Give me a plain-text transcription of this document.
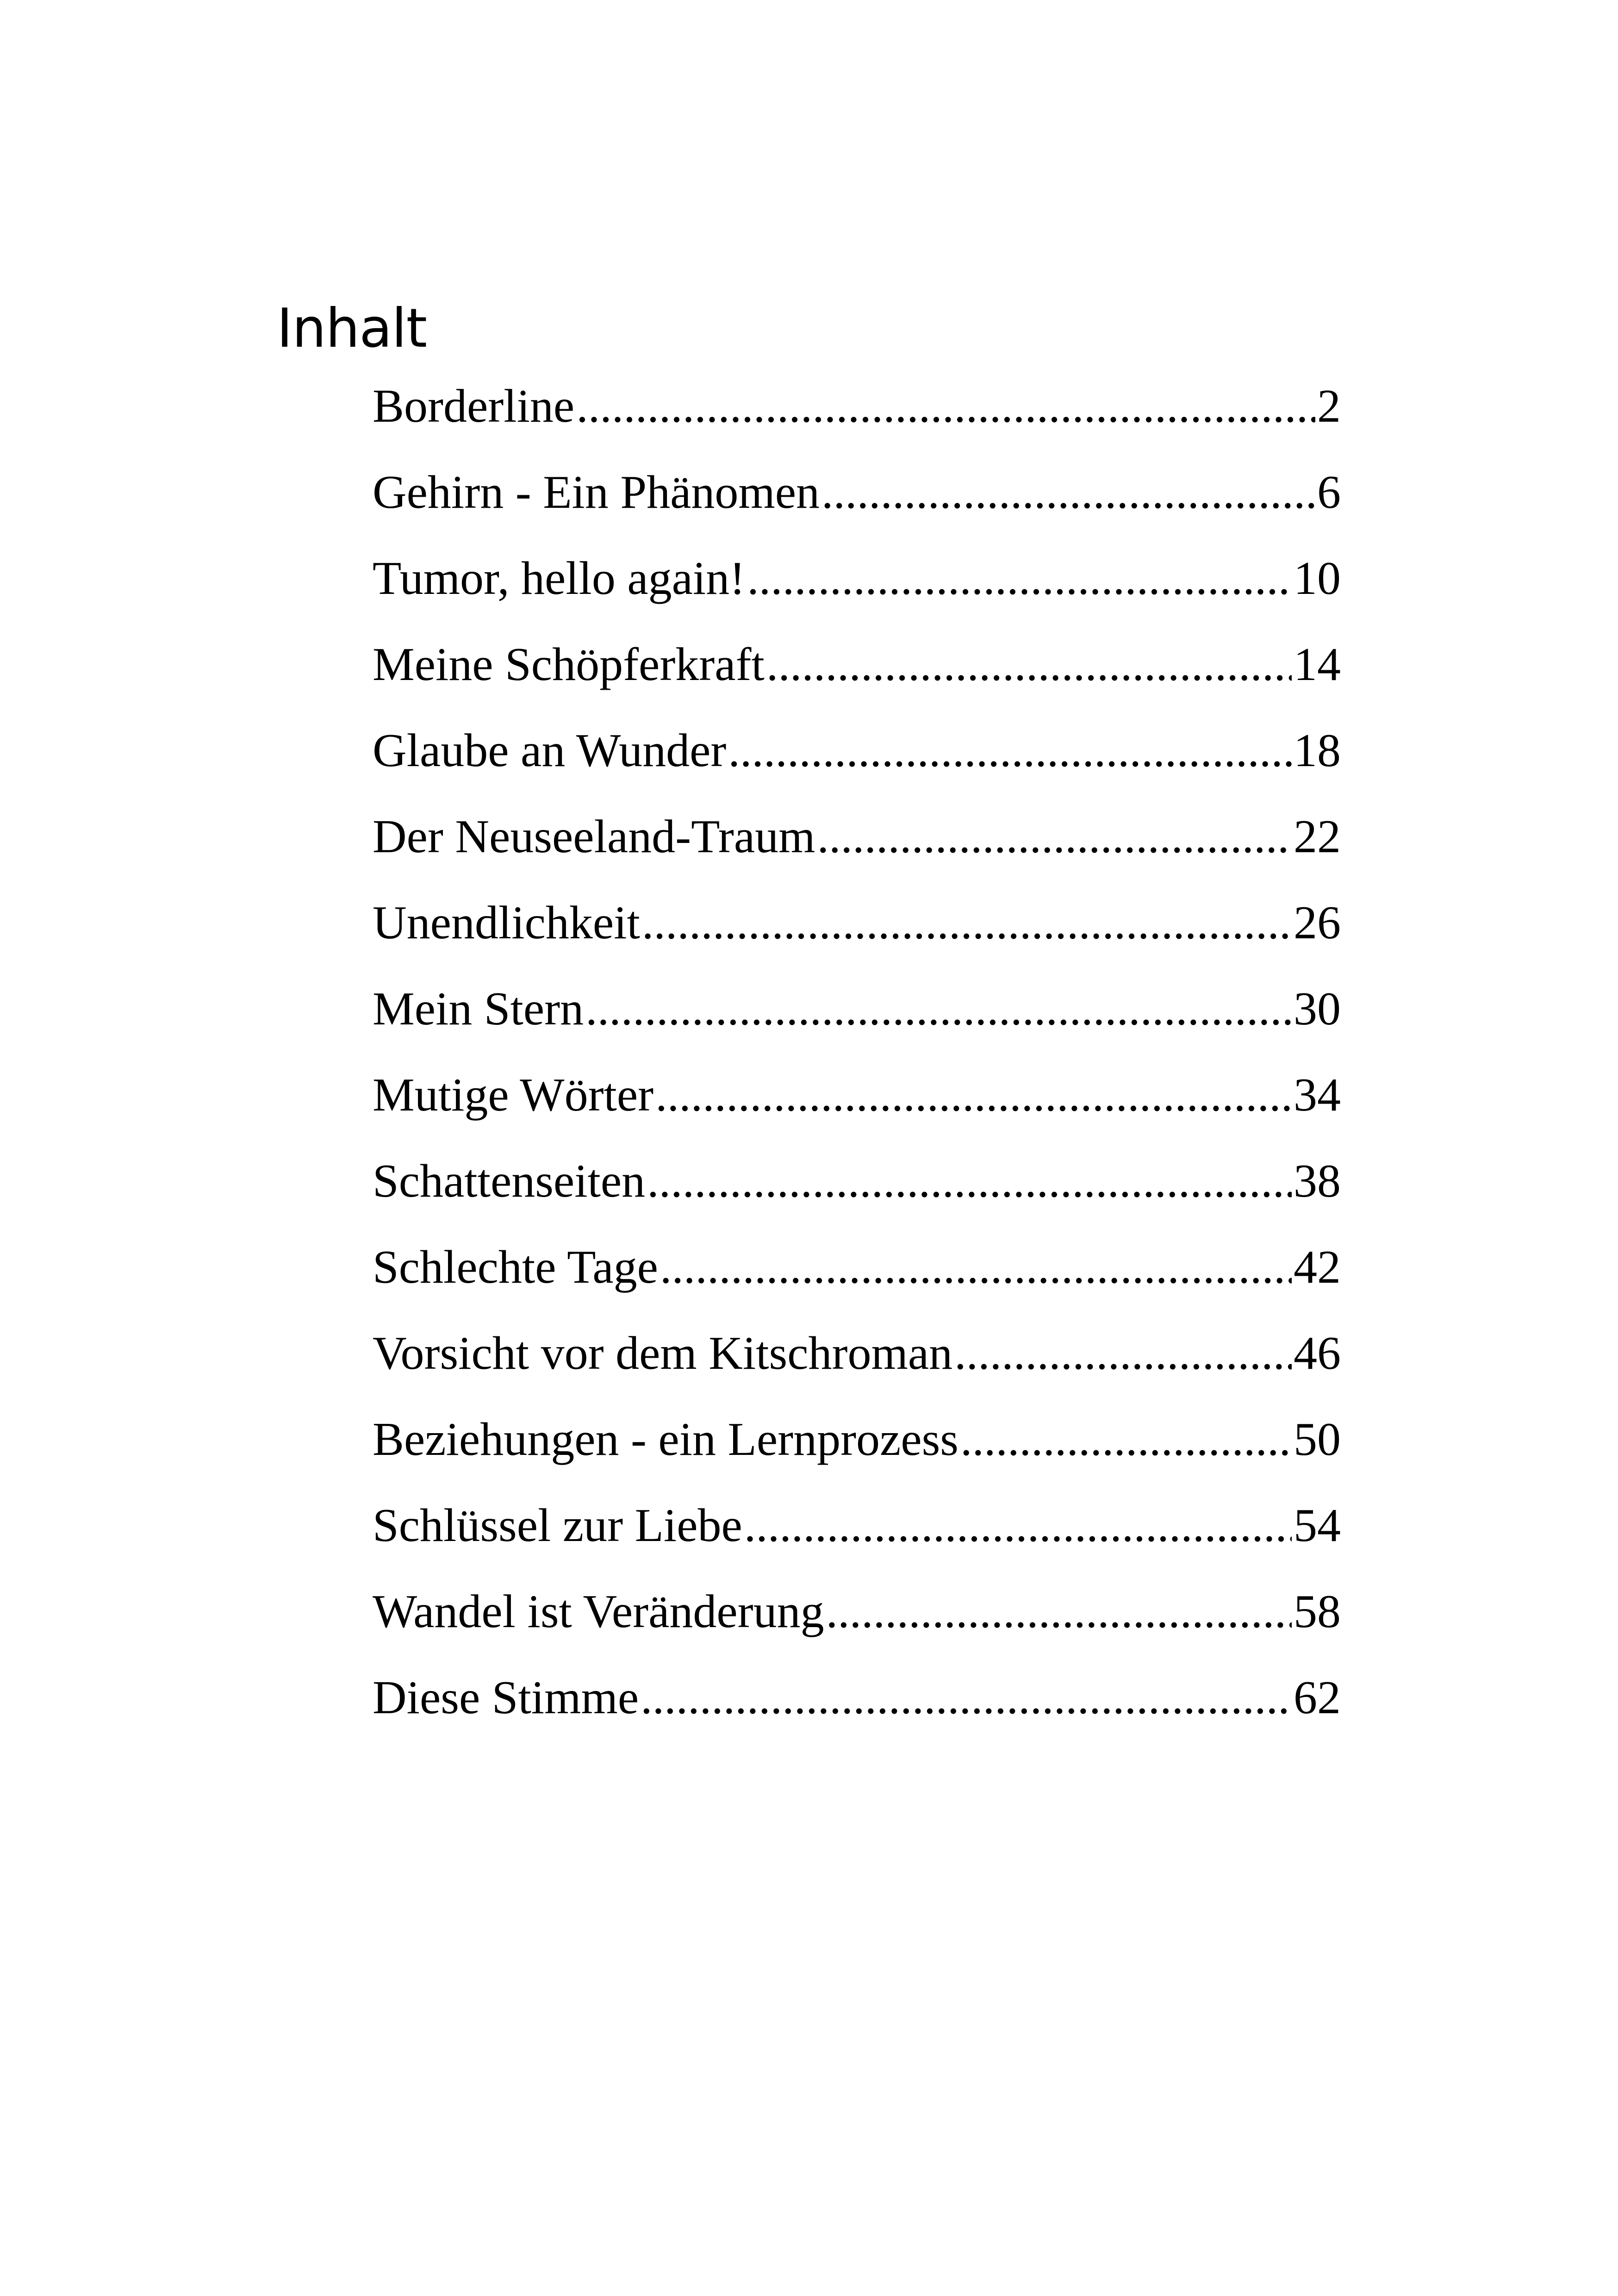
Inhalt
Borderline .....	2
Gehirn - Ein Phänomen .....	6
Tumor, hello again! .....	10
Meine Schöpferkraft .....	14
Glaube an Wunder .....	18
Der Neuseeland-Traum .....	22
Unendlichkeit .....	26
Mein Stern .....	30
Mutige Wörter .....	34
Schattenseiten .....	38
Schlechte Tage .....	42
Vorsicht vor dem Kitschroman .....	46
Beziehungen - ein Lernprozess .....	50
Schlüssel zur Liebe .....	54
Wandel ist Veränderung .....	58
Diese Stimme .....	62
